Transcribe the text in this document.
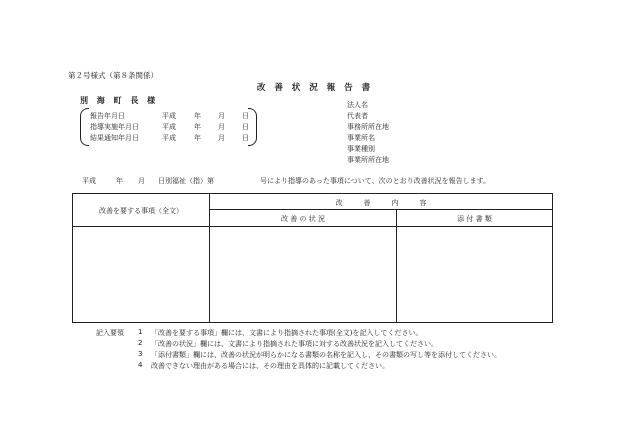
第２号様式（第８条関係）
改 善 状 況 報 告 書
別 海 町 長 様
報告年月日	平成	年 月 日
指導実施年月日	平成	年 月 日
結果通知年月日	平成	年 月 日
法人名
代表者
事務所所在地
事業所名
事業種別
事業所所在地
平成	年 月 日別福祉（指）第	号により指導のあった事項について、次のとおり改善状況を報告します。
改善を要する事項（全文）
改　　　善　　　内　　　容
改 善 の 状 況	添 付 書 類
記入要領 1 「改善を要する事項」欄には、文書により指摘された事項(全文)を記入してください。
2 「改善の状況」欄には、文書により指摘された事項に対する改善状況を記入してください。
3 「添付書類」欄には、改善の状況が明らかになる書類の名称を記入し、その書類の写し等を添付してください。
4 改善できない理由がある場合には、その理由を具体的に記載してください。
